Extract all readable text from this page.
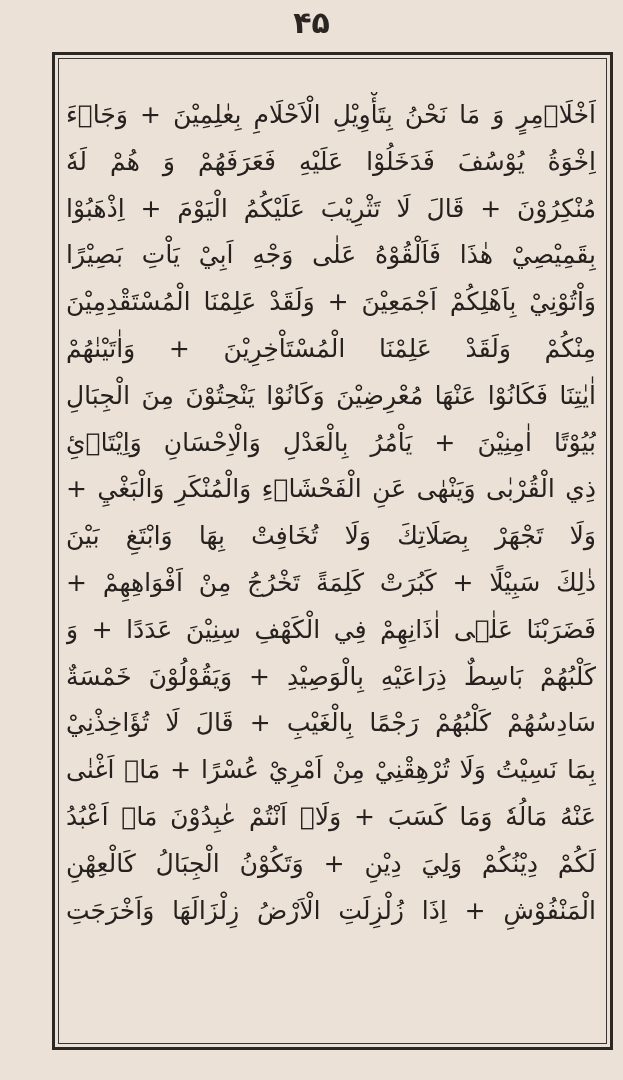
۴۵
اَخْلَاۤمِرٍ وَ مَا نَحْنُ بِتَأْوِيْلِ الْاَحْلَامِ بِعٰلِمِيْنَ + وَجَاۤءَ
اِخْوَةُ يُوْسُفَ فَدَخَلُوْا عَلَيْهِ فَعَرَفَهُمْ وَ هُمْ لَهٗ
مُنْكِرُوْنَ + قَالَ لَا تَثْرِيْبَ عَلَيْكُمُ الْيَوْمَ + اِذْهَبُوْا
بِقَمِيْصِيْ هٰذَا فَاَلْقُوْهُ عَلٰى وَجْهِ اَبِيْ يَاْتِ بَصِيْرًا
وَاْتُوْنِيْ بِاَهْلِكُمْ اَجْمَعِيْنَ + وَلَقَدْ عَلِمْنَا الْمُسْتَقْدِمِيْنَ
مِنْكُمْ وَلَقَدْ عَلِمْنَا الْمُسْتَاْخِرِيْنَ + وَاٰتَيْنٰهُمْ
اٰيٰتِنَا فَكَانُوْا عَنْهَا مُعْرِضِيْنَ وَكَانُوْا يَنْحِتُوْنَ مِنَ الْجِبَالِ
بُيُوْتًا اٰمِنِيْنَ + يَاْمُرُ بِالْعَدْلِ وَالْاِحْسَانِ وَاِيْتَاۤئِ
ذِي الْقُرْبٰى وَيَنْهٰى عَنِ الْفَحْشَاۤءِ وَالْمُنْكَرِ وَالْبَغْيِ +
وَلَا تَجْهَرْ بِصَلَاتِكَ وَلَا تُخَافِتْ بِهَا وَابْتَغِ بَيْنَ
ذٰلِكَ سَبِيْلًا + كَبُرَتْ كَلِمَةً تَخْرُجُ مِنْ اَفْوَاهِهِمْ +
فَضَرَبْنَا عَلٰۤى اٰذَانِهِمْ فِي الْكَهْفِ سِنِيْنَ عَدَدًا + وَ
كَلْبُهُمْ بَاسِطٌ ذِرَاعَيْهِ بِالْوَصِيْدِ + وَيَقُوْلُوْنَ خَمْسَةٌ
سَادِسُهُمْ كَلْبُهُمْ رَجْمًا بِالْغَيْبِ + قَالَ لَا تُؤَاخِذْنِيْ
بِمَا نَسِيْتُ وَلَا تُرْهِقْنِيْ مِنْ اَمْرِيْ عُسْرًا + مَاۤ اَغْنٰى
عَنْهُ مَالُهٗ وَمَا كَسَبَ + وَلَاۤ اَنْتُمْ عٰبِدُوْنَ مَاۤ اَعْبُدُ
لَكُمْ دِيْنُكُمْ وَلِيَ دِيْنِ + وَتَكُوْنُ الْجِبَالُ كَالْعِهْنِ
الْمَنْفُوْشِ + اِذَا زُلْزِلَتِ الْاَرْضُ زِلْزَالَهَا وَاَخْرَجَتِ
